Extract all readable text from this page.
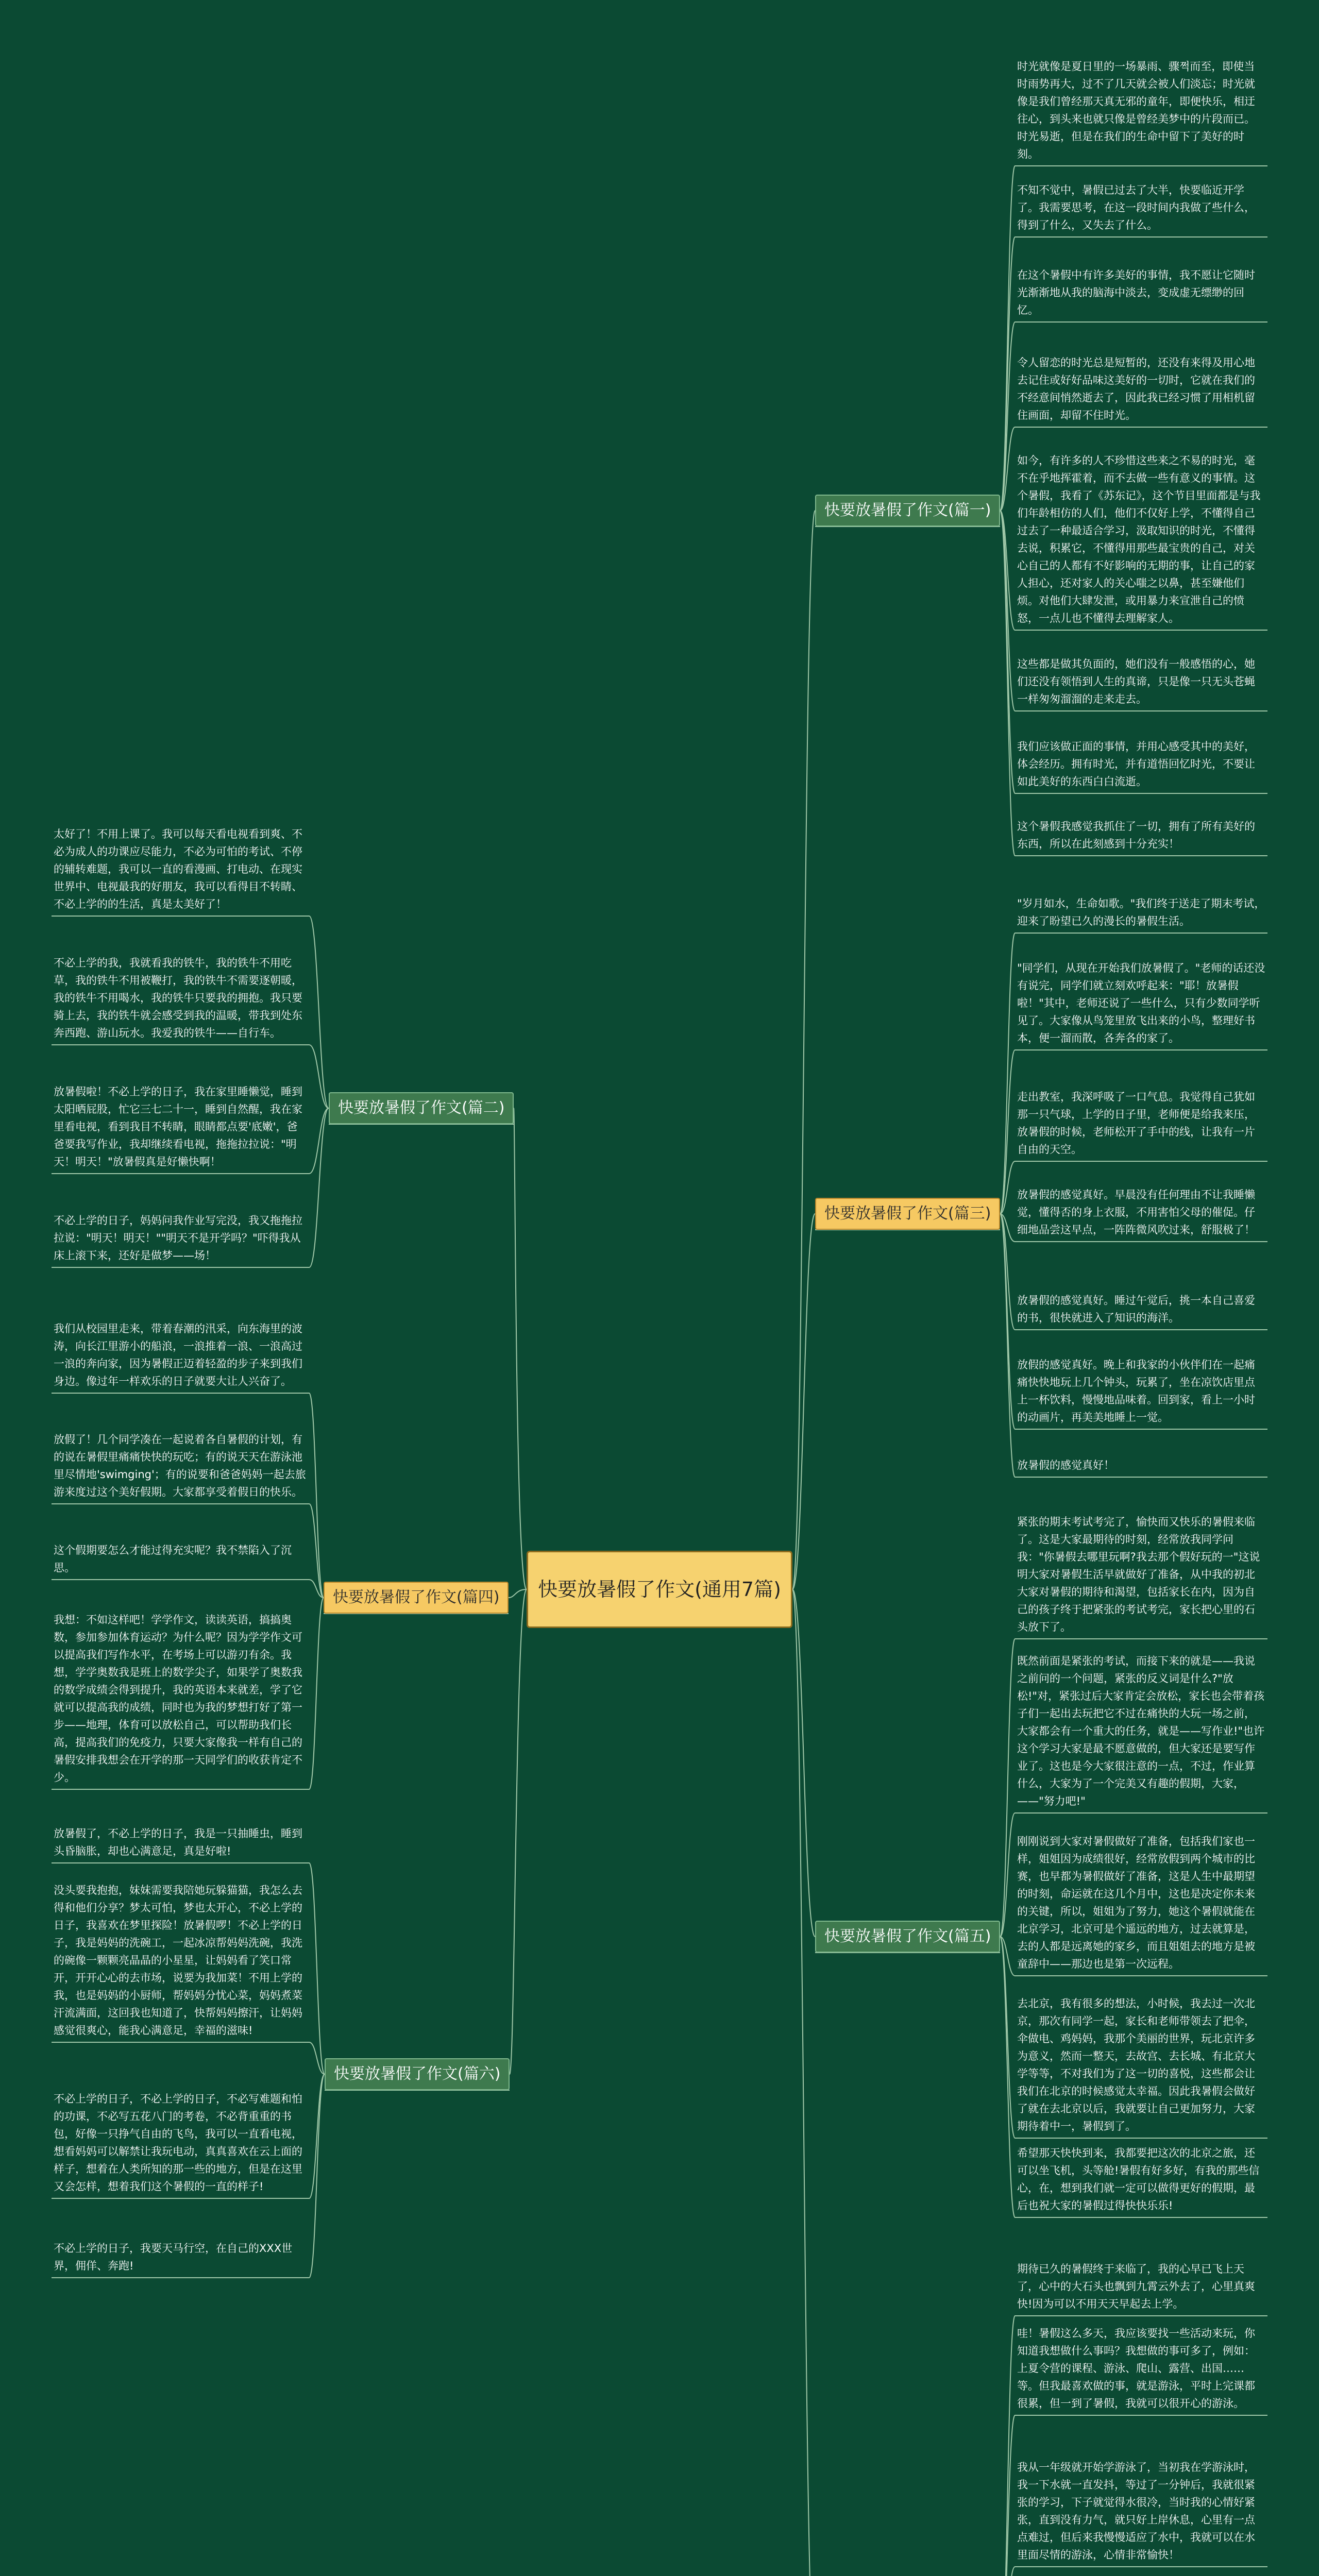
快要放暑假了作文(通用7篇)
快要放暑假了作文(篇一)
快要放暑假了作文(篇二)
快要放暑假了作文(篇三)
快要放暑假了作文(篇四)
快要放暑假了作文(篇五)
快要放暑假了作文(篇六)
时光就像是夏日里的一场暴雨、骤쩍而至，即使当时雨势再大，过不了几天就会被人们淡忘；时光就像是我们曾经那天真无邪的童年，即便快乐，相迂往心，到头来也就只像是曾经美梦中的片段而已。时光易逝，但是在我们的生命中留下了美好的时刻。
不知不觉中，暑假已过去了大半，快要临近开学了。我需要思考，在这一段时间内我做了些什么，得到了什么，又失去了什么。
在这个暑假中有许多美好的事情，我不愿让它随时光渐渐地从我的脑海中淡去，变成虚无缥缈的回忆。
令人留恋的时光总是短暂的，还没有来得及用心地去记住或好好品味这美好的一切时，它就在我们的不经意间悄然逝去了，因此我已经习惯了用相机留住画面，却留不住时光。
如今，有许多的人不珍惜这些来之不易的时光，毫不在乎地挥霍着，而不去做一些有意义的事情。这个暑假，我看了《苏东记》，这个节目里面都是与我们年龄相仿的人们，他们不仅好上学，不懂得自己过去了一种最适合学习，汲取知识的时光，不懂得去说，积累它，不懂得用那些最宝贵的自己，对关心自己的人都有不好影响的无期的事，让自己的家人担心，还对家人的关心嗤之以鼻，甚至嫌他们烦。对他们大肆发泄，或用暴力来宣泄自己的愤怒，一点儿也不懂得去理解家人。
这些都是做其负面的，她们没有一般感悟的心，她们还没有领悟到人生的真谛，只是像一只无头苍蝇一样匆匆溜溜的走来走去。
我们应该做正面的事情，并用心感受其中的美好，体会经历。拥有时光，并有道悟回忆时光，不要让如此美好的东西白白流逝。
这个暑假我感觉我抓住了一切，拥有了所有美好的东西，所以在此刻感到十分充实！
太好了！不用上课了。我可以每天看电视看到爽、不必为成人的功课应尽能力，不必为可怕的考试、不停的辅转难题，我可以一直的看漫画、打电动、在现实世界中、电视最我的好朋友，我可以看得目不转睛、不必上学的的生活，真是太美好了！
不必上学的我，我就看我的铁牛，我的铁牛不用吃草，我的铁牛不用被鞭打，我的铁牛不需要逐朝暖，我的铁牛不用喝水，我的铁牛只要我的拥抱。我只要骑上去，我的铁牛就会感受到我的温暖，带我到处东奔西跑、游山玩水。我爱我的铁牛——自行车。
放暑假啦！不必上学的日子，我在家里睡懒觉，睡到太阳晒屁股，忙它三七二十一，睡到自然醒，我在家里看电视，看到我目不转睛，眼睛都点要'底嫩'，爸爸要我写作业，我却继续看电视，拖拖拉拉说："明天！明天！"放暑假真是好懒快啊！
不必上学的日子，妈妈问我作业写完没，我又拖拖拉拉说："明天！明天！""明天不是开学吗？"吓得我从床上滚下来，还好是做梦——场！
"岁月如水，生命如歌。"我们终于送走了期末考试，迎来了盼望已久的漫长的暑假生活。
"同学们，从现在开始我们放暑假了。"老师的话还没有说完，同学们就立刻欢呼起来："耶！放暑假啦！"其中，老师还说了一些什么，只有少数同学听见了。大家像从鸟笼里放飞出来的小鸟，整理好书本，便一溜而散，各奔各的家了。
走出教室，我深呼吸了一口气息。我觉得自己犹如那一只气球，上学的日子里，老师便是给我来压，放暑假的时候，老师松开了手中的线，让我有一片自由的天空。
放暑假的感觉真好。早晨没有任何理由不让我睡懒觉，懂得否的身上衣服，不用害怕父母的催促。仔细地品尝这早点，一阵阵微风吹过来，舒服极了！
放暑假的感觉真好。睡过午觉后，挑一本自己喜爱的书，很快就进入了知识的海洋。
放假的感觉真好。晚上和我家的小伙伴们在一起痛痛快快地玩上几个钟头，玩累了，坐在凉饮店里点上一杯饮料，慢慢地品味着。回到家，看上一小时的动画片，再美美地睡上一觉。
放暑假的感觉真好！
我们从校园里走来，带着春潮的汛采，向东海里的波涛，向长江里游小的船浪，一浪推着一浪、一浪高过一浪的奔向家，因为暑假正迈着轻盈的步子来到我们身边。像过年一样欢乐的日子就要大让人兴奋了。
放假了！几个同学凑在一起说着各自暑假的计划，有的说在暑假里痛痛快快的玩吃；有的说天天在游泳池里尽情地'swimging'；有的说要和爸爸妈妈一起去旅游来度过这个美好假期。大家都享受着假日的快乐。
这个假期要怎么才能过得充实呢？我不禁陷入了沉思。
我想：不如这样吧！学学作文，读读英语，搞搞奥数，参加参加体育运动？为什么呢？因为学学作文可以提高我们写作水平，在考场上可以游刃有余。我想，学学奥数我是班上的数学尖子，如果学了奥数我的数学成绩会得到提升，我的英语本来就差，学了它就可以提高我的成绩，同时也为我的梦想打好了第一步——地理，体育可以放松自己，可以帮助我们长高，提高我们的免疫力，只要大家像我一样有自己的暑假安排我想会在开学的那一天同学们的收获肯定不少。
紧张的期末考试考完了，愉快而又快乐的暑假来临了。这是大家最期待的时刻，经常放我同学问我："你暑假去哪里玩啊?我去那个假好玩的一"这说明大家对暑假生活早就做好了准备，从中我的初北大家对暑假的期待和渴望，包括家长在内，因为自己的孩子终于把紧张的考试考完，家长把心里的石头放下了。
既然前面是紧张的考试，而接下来的就是——我说之前问的一个问题，紧张的反义词是什么?"放松!"对，紧张过后大家肯定会放松，家长也会带着孩子们一起出去玩把它不过在痛快的大玩一场之前，大家都会有一个重大的任务，就是——写作业!"也许这个学习大家是最不愿意做的，但大家还是要写作业了。这也是今大家很注意的一点，不过，作业算什么，大家为了一个完美又有趣的假期，大家，——"努力吧!"
刚刚说到大家对暑假做好了准备，包括我们家也一样，姐姐因为成绩很好，经常放假到两个城市的比赛，也早都为暑假做好了准备，这是人生中最期望的时刻，命运就在这几个月中，这也是决定你未来的关键，所以，姐姐为了努力，她这个暑假就能在北京学习，北京可是个遥远的地方，过去就算是，去的人都是远离她的家乡，而且姐姐去的地方是被童辞中——那边也是第一次远程。
去北京，我有很多的想法，小时候，我去过一次北京，那次有同学一起，家长和老师带领去了把伞，伞做电、鸡妈妈，我那个美丽的世界，玩北京许多为意义，然而一整天，去故宫、去长城、有北京大学等等，不对我们为了这一切的喜悦，这些都会让我们在北京的时候感觉太幸福。因此我暑假会做好了就在去北京以后，我就要让自己更加努力，大家期待着中一，暑假到了。
希望那天快快到来，我都要把这次的北京之旅，还可以坐飞机，头等舱!暑假有好多好，有我的那些信心，在，想到我们就一定可以做得更好的假期，最后也祝大家的暑假过得快快乐乐!
放暑假了，不必上学的日子，我是一只抽睡虫，睡到头昏脑胀，却也心满意足，真是好啦!
没头要我抱抱，妹妹需要我陪她玩躲猫猫，我怎么去得和他们分享？梦太可怕，梦也太开心，不必上学的日子，我喜欢在梦里探险！放暑假啰！不必上学的日子，我是妈妈的洗碗工，一起冰凉帮妈妈洗碗，我洗的碗像一颗颗亮晶晶的小星星，让妈妈看了笑口常开，开开心心的去市场，说要为我加菜！不用上学的我，也是妈妈的小厨师，帮妈妈分忧心菜，妈妈煮菜汗流满面，这回我也知道了，快帮妈妈擦汗，让妈妈感觉很爽心，能我心满意足，幸福的滋味!
不必上学的日子，不必上学的日子，不必写难题和怕的功课，不必写五花八门的考卷，不必背重重的书包，好像一只挣气自由的飞鸟，我可以一直看电视，想看妈妈可以解禁让我玩电动，真真喜欢在云上面的样子，想着在人类所知的那一些的地方，但是在这里又会怎样，想着我们这个暑假的一直的样子!
不必上学的日子，我要天马行空，在自己的XXX世界，佣佯、奔跑!	期待已久的暑假终于来临了，我的心早已飞上天了，心中的大石头也飘到九霄云外去了，心里真爽快!因为可以不用天天早起去上学。
哇！暑假这么多天，我应该要找一些活动来玩，你知道我想做什么事吗？我想做的事可多了，例如：上夏令营的课程、游泳、爬山、露营、出国……等。但我最喜欢做的事，就是游泳，平时上完课都很累，但一到了暑假，我就可以很开心的游泳。
我从一年级就开始学游泳了，当初我在学游泳时，我一下水就一直发抖，等过了一分钟后，我就很紧张的学习，下子就觉得水很冷，当时我的心情好紧张，直到没有力气，就只好上岸休息，心里有一点点难过，但后来我慢慢适应了水中，我就可以在水里面尽情的游泳，心情非常愉快！
